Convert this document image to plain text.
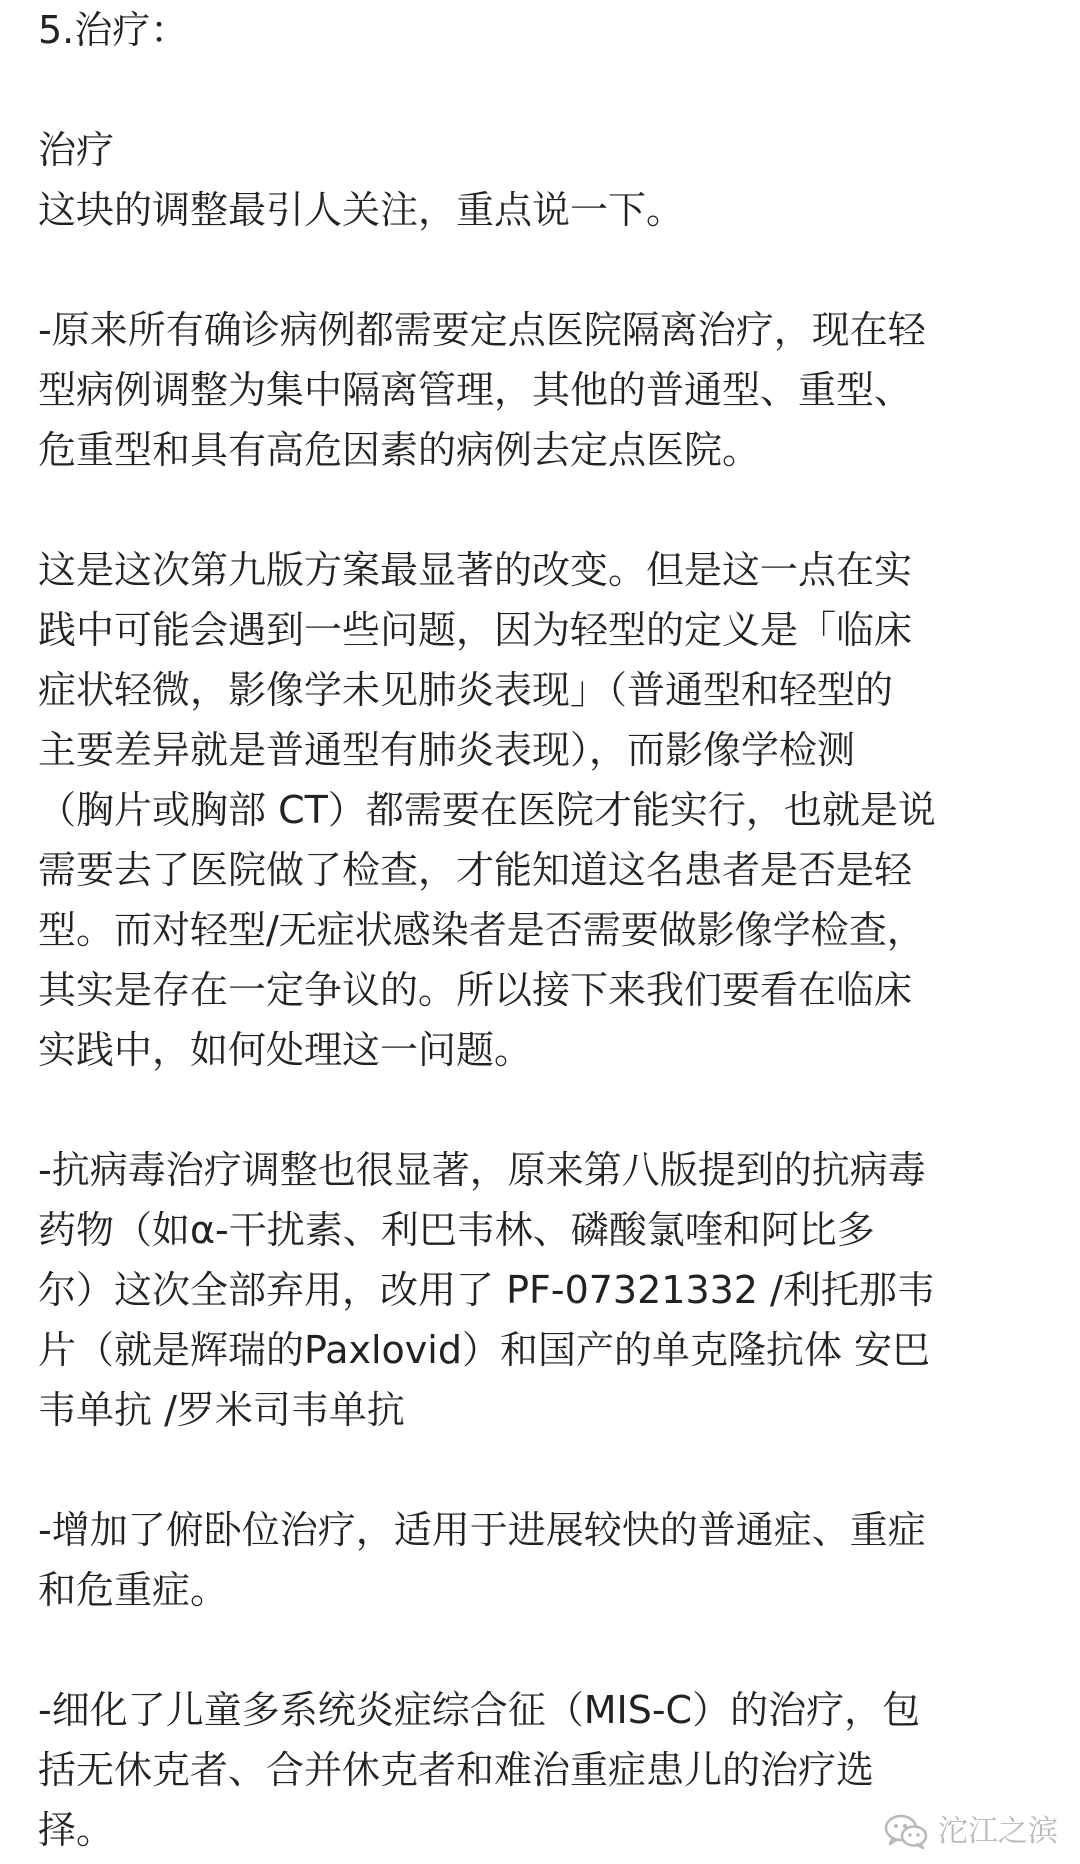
5.治疗：
治疗
这块的调整最引人关注，重点说一下。
-原来所有确诊病例都需要定点医院隔离治疗，现在轻
型病例调整为集中隔离管理，其他的普通型、重型、
危重型和具有高危因素的病例去定点医院。
这是这次第九版方案最显著的改变。但是这一点在实
践中可能会遇到一些问题，因为轻型的定义是「临床
症状轻微，影像学未见肺炎表现」（普通型和轻型的
主要差异就是普通型有肺炎表现），而影像学检测
（胸片或胸部 CT）都需要在医院才能实行，也就是说
需要去了医院做了检查，才能知道这名患者是否是轻
型。而对轻型/无症状感染者是否需要做影像学检查，
其实是存在一定争议的。所以接下来我们要看在临床
实践中，如何处理这一问题。
-抗病毒治疗调整也很显著，原来第八版提到的抗病毒
药物（如α-干扰素、利巴韦林、磷酸氯喹和阿比多
尔）这次全部弃用，改用了 PF-07321332 /利托那韦
片（就是辉瑞的Paxlovid）和国产的单克隆抗体 安巴
韦单抗 /罗米司韦单抗
-增加了俯卧位治疗，适用于进展较快的普通症、重症
和危重症。
-细化了儿童多系统炎症综合征（MIS-C）的治疗，包
括无休克者、合并休克者和难治重症患儿的治疗选
择。	沱江之滨
